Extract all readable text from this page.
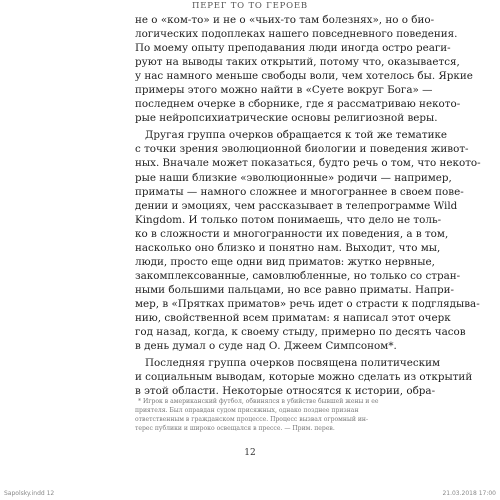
ПЕРЕГ ТО ТО ГЕРОЕВ

не о «ком-то» и не о «чьих-то там болезнях», но о био-
логических подоплеках нашего повседневного поведения.
По моему опыту преподавания люди иногда остро реаги-
руют на выводы таких открытий, потому что, оказывается,
у нас намного меньше свободы воли, чем хотелось бы. Яркие
примеры этого можно найти в «Суете вокруг Бога» —
последнем очерке в сборнике, где я рассматриваю некото-
рые нейропсихиатрические основы религиозной веры.

Другая группа очерков обращается к той же тематике
с точки зрения эволюционной биологии и поведения живот-
ных. Вначале может показаться, будто речь о том, что некото-
рые наши близкие «эволюционные» родичи — например,
приматы — намного сложнее и многограннее в своем пове-
дении и эмоциях, чем рассказывает в телепрограмме Wild
Kingdom. И только потом понимаешь, что дело не толь-
ко в сложности и многогранности их поведения, а в том,
насколько оно близко и понятно нам. Выходит, что мы,
люди, просто еще одни вид приматов: жутко нервные,
закомплексованные, самовлюбленные, но только со стран-
ными большими пальцами, но все равно приматы. Напри-
мер, в «Прятках приматов» речь идет о страсти к подглядыва-
нию, свойственной всем приматам: я написал этот очерк
год назад, когда, к своему стыду, примерно по десять часов
в день думал о суде над О. Джеем Симпсоном*.

Последняя группа очерков посвящена политическим
и социальным выводам, которые можно сделать из открытий
в этой области. Некоторые относятся к истории, обра-

* Игрок в американский футбол, обвинялся в убийстве бывшей жены и ее
приятеля. Был оправдан судом присяжных, однако позднее признан
ответственным в гражданском процессе. Процесс вызвал огромный ин-
терес публики и широко освещался в прессе. — Прим. перев.
12
Sapolsky.indd 12	21.03.2018 17:00
